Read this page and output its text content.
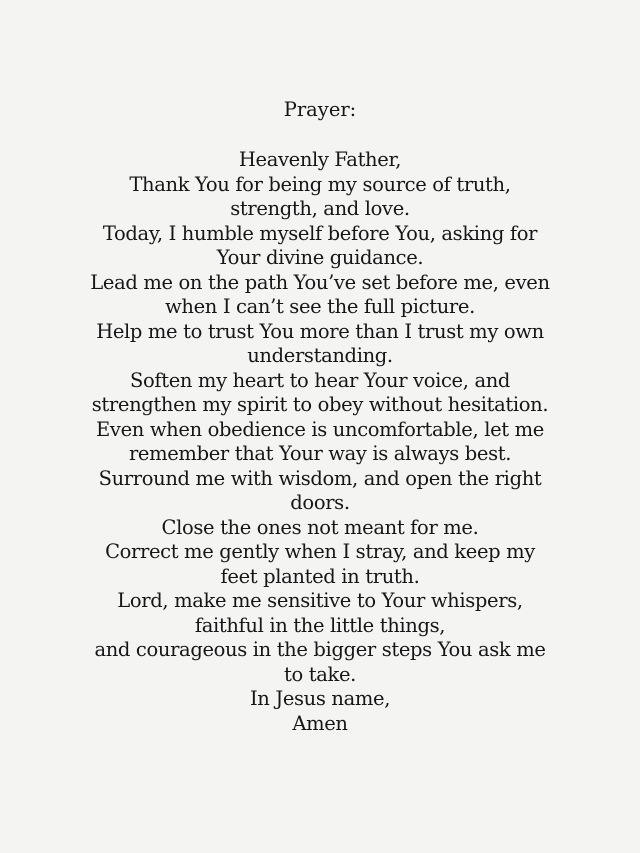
Prayer:
Heavenly Father,
Thank You for being my source of truth,
strength, and love.
Today, I humble myself before You, asking for
Your divine guidance.
Lead me on the path You’ve set before me, even
when I can’t see the full picture.
Help me to trust You more than I trust my own
understanding.
Soften my heart to hear Your voice, and
strengthen my spirit to obey without hesitation.
Even when obedience is uncomfortable, let me
remember that Your way is always best.
Surround me with wisdom, and open the right
doors.
Close the ones not meant for me.
Correct me gently when I stray, and keep my
feet planted in truth.
Lord, make me sensitive to Your whispers,
faithful in the little things,
and courageous in the bigger steps You ask me
to take.
In Jesus name,
Amen
